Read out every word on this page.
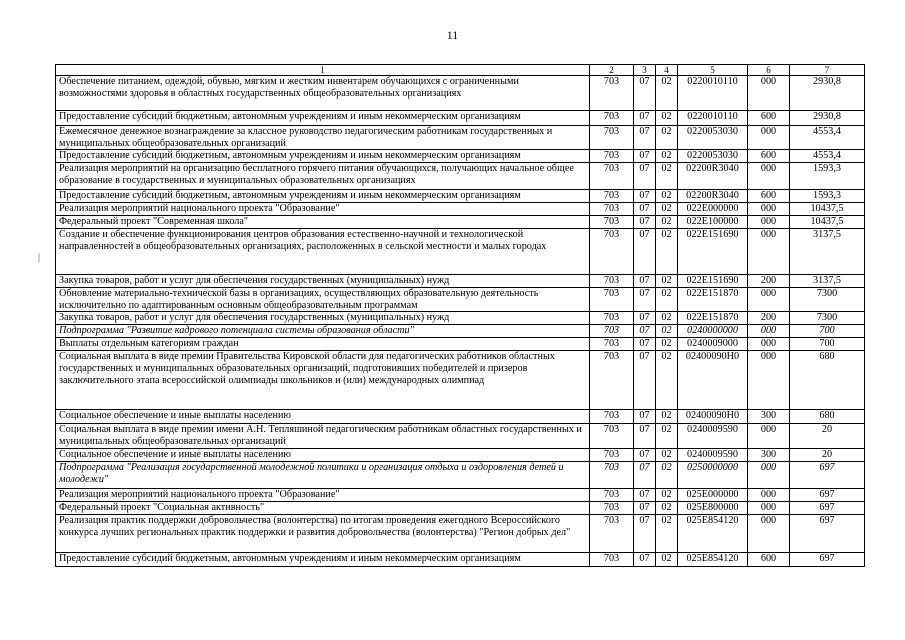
11
|
1	2	3	4	5	6	7
Обеспечение питанием, одеждой, обувью, мягким и жестким инвентарем обучающихся с ограниченными возможностями здоровья в областных государственных общеобразовательных организациях	703	07	02	0220010110	000	2930,8
Предоставление субсидий бюджетным, автономным учреждениям и иным некоммерческим организациям	703	07	02	0220010110	600	2930,8
Ежемесячное денежное вознаграждение за классное руководство педагогическим работникам государственных и муниципальных общеобразовательных организаций	703	07	02	0220053030	000	4553,4
Предоставление субсидий бюджетным, автономным учреждениям и иным некоммерческим организациям	703	07	02	0220053030	600	4553,4
Реализация мероприятий на организацию бесплатного горячего питания обучающихся, получающих начальное общее образование в государственных и муниципальных образовательных организациях	703	07	02	02200R3040	000	1593,3
Предоставление субсидий бюджетным, автономным учреждениям и иным некоммерческим организациям	703	07	02	02200R3040	600	1593,3
Реализация мероприятий национального проекта "Образование"	703	07	02	022E000000	000	10437,5
Федеральный проект "Современная школа"	703	07	02	022E100000	000	10437,5
Создание и обеспечение функционирования центров образования естественно-научной и технологической направленностей в общеобразовательных организациях, расположенных в сельской местности и малых городах	703	07	02	022E151690	000	3137,5
Закупка товаров, работ и услуг для обеспечения государственных (муниципальных) нужд	703	07	02	022E151690	200	3137,5
Обновление материально-технической базы в организациях, осуществляющих образовательную деятельность исключительно по адаптированным основным общеобразовательным программам	703	07	02	022E151870	000	7300
Закупка товаров, работ и услуг для обеспечения государственных (муниципальных) нужд	703	07	02	022E151870	200	7300
Подпрограмма "Развитие кадрового потенциала системы образования области"	703	07	02	0240000000	000	700
Выплаты отдельным категориям граждан	703	07	02	0240009000	000	700
Социальная выплата в виде премии Правительства Кировской области для педагогических работников областных государственных и муниципальных образовательных организаций, подготовивших победителей и призеров заключительного этапа всероссийской олимпиады школьников и (или) международных олимпиад	703	07	02	02400090Н0	000	680
Социальное обеспечение и иные выплаты населению	703	07	02	02400090Н0	300	680
Социальная выплата в виде премии имени А.Н. Тепляшиной педагогическим работникам областных государственных и муниципальных общеобразовательных организаций	703	07	02	0240009590	000	20
Социальное обеспечение и иные выплаты населению	703	07	02	0240009590	300	20
Подпрограмма "Реализация государственной молодежной политики и организация отдыха и оздоровления детей и молодежи"	703	07	02	0250000000	000	697
Реализация мероприятий национального проекта "Образование"	703	07	02	025E000000	000	697
Федеральный проект "Социальная активность"	703	07	02	025E800000	000	697
Реализация практик поддержки добровольчества (волонтерства) по итогам проведения ежегодного Всероссийского конкурса лучших региональных практик поддержки и развития добровольчества (волонтерства) "Регион добрых дел"	703	07	02	025E854120	000	697
Предоставление субсидий бюджетным, автономным учреждениям и иным некоммерческим организациям	703	07	02	025E854120	600	697
